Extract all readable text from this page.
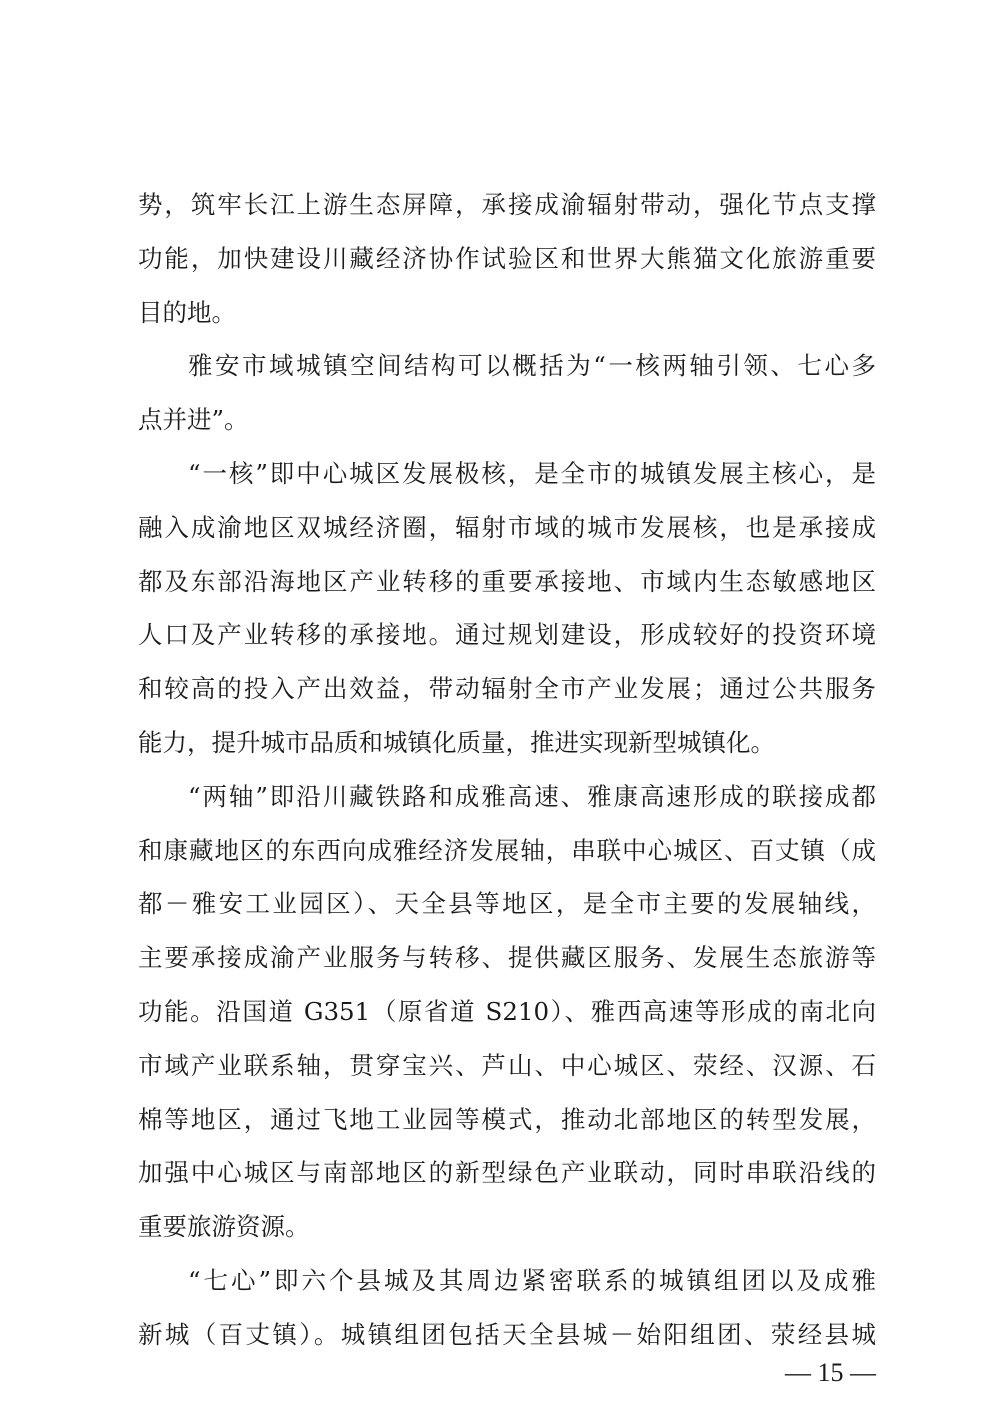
势，筑牢长江上游生态屏障，承接成渝辐射带动，强化节点支撑
功能，加快建设川藏经济协作试验区和世界大熊猫文化旅游重要
目的地。
雅安市域城镇空间结构可以概括为“一核两轴引领、七心多
点并进”。
“一核”即中心城区发展极核，是全市的城镇发展主核心，是
融入成渝地区双城经济圈，辐射市域的城市发展核，也是承接成
都及东部沿海地区产业转移的重要承接地、市域内生态敏感地区
人口及产业转移的承接地。通过规划建设，形成较好的投资环境
和较高的投入产出效益，带动辐射全市产业发展；通过公共服务
能力，提升城市品质和城镇化质量，推进实现新型城镇化。
“两轴”即沿川藏铁路和成雅高速、雅康高速形成的联接成都
和康藏地区的东西向成雅经济发展轴，串联中心城区、百丈镇（成
都－雅安工业园区）、天全县等地区，是全市主要的发展轴线，
主要承接成渝产业服务与转移、提供藏区服务、发展生态旅游等
功能。沿国道 G351（原省道 S210）、雅西高速等形成的南北向
市域产业联系轴，贯穿宝兴、芦山、中心城区、荥经、汉源、石
棉等地区，通过飞地工业园等模式，推动北部地区的转型发展，
加强中心城区与南部地区的新型绿色产业联动，同时串联沿线的
重要旅游资源。
“七心”即六个县城及其周边紧密联系的城镇组团以及成雅
新城（百丈镇）。城镇组团包括天全县城－始阳组团、荥经县城
— 15 —
